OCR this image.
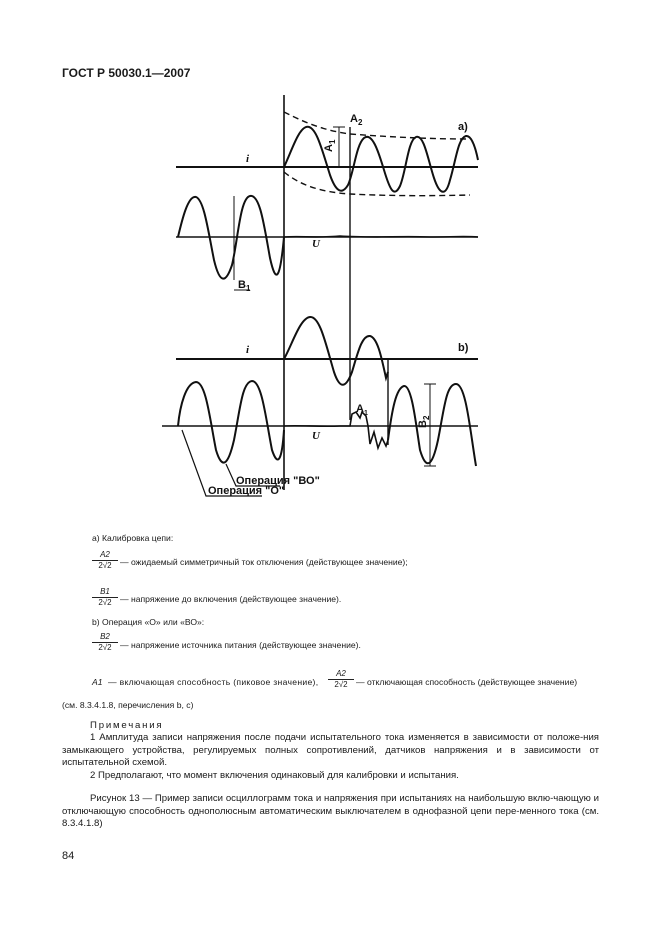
ГОСТ Р 50030.1—2007
a)
b)
i
U
i
U
$A_2$
$A_1$
$B_1$
$B_2$
$A_1$
Операция "ВО"
Операция "О"
а) Калибровка цепи:
$\frac{A2}{2√2}$ — ожидаемый симметричный ток отключения (действующее значение);
$\frac{B1}{2√2}$ — напряжение до включения (действующее значение).
b) Операция «О» или «ВО»:
$\frac{B2}{2√2}$ — напряжение источника питания (действующее значение).
A1 — включающая способность (пиковое значение), $\frac{A2}{2√2}$ — отключающая способность (действующее значение)
(см. 8.3.4.1.8, перечисления b, c)
Примечания
1 Амплитуда записи напряжения после подачи испытательного тока изменяется в зависимости от положе-ния замыкающего устройства, регулируемых полных сопротивлений, датчиков напряжения и в зависимости от испытательной схемой.
2 Предполагают, что момент включения одинаковый для калибровки и испытания.
Рисунок 13 — Пример записи осциллограмм тока и напряжения при испытаниях на наибольшую вклю-чающую и отключающую способность однополюсным автоматическим выключателем в однофазной цепи пере-менного тока (см. 8.3.4.1.8)
84
